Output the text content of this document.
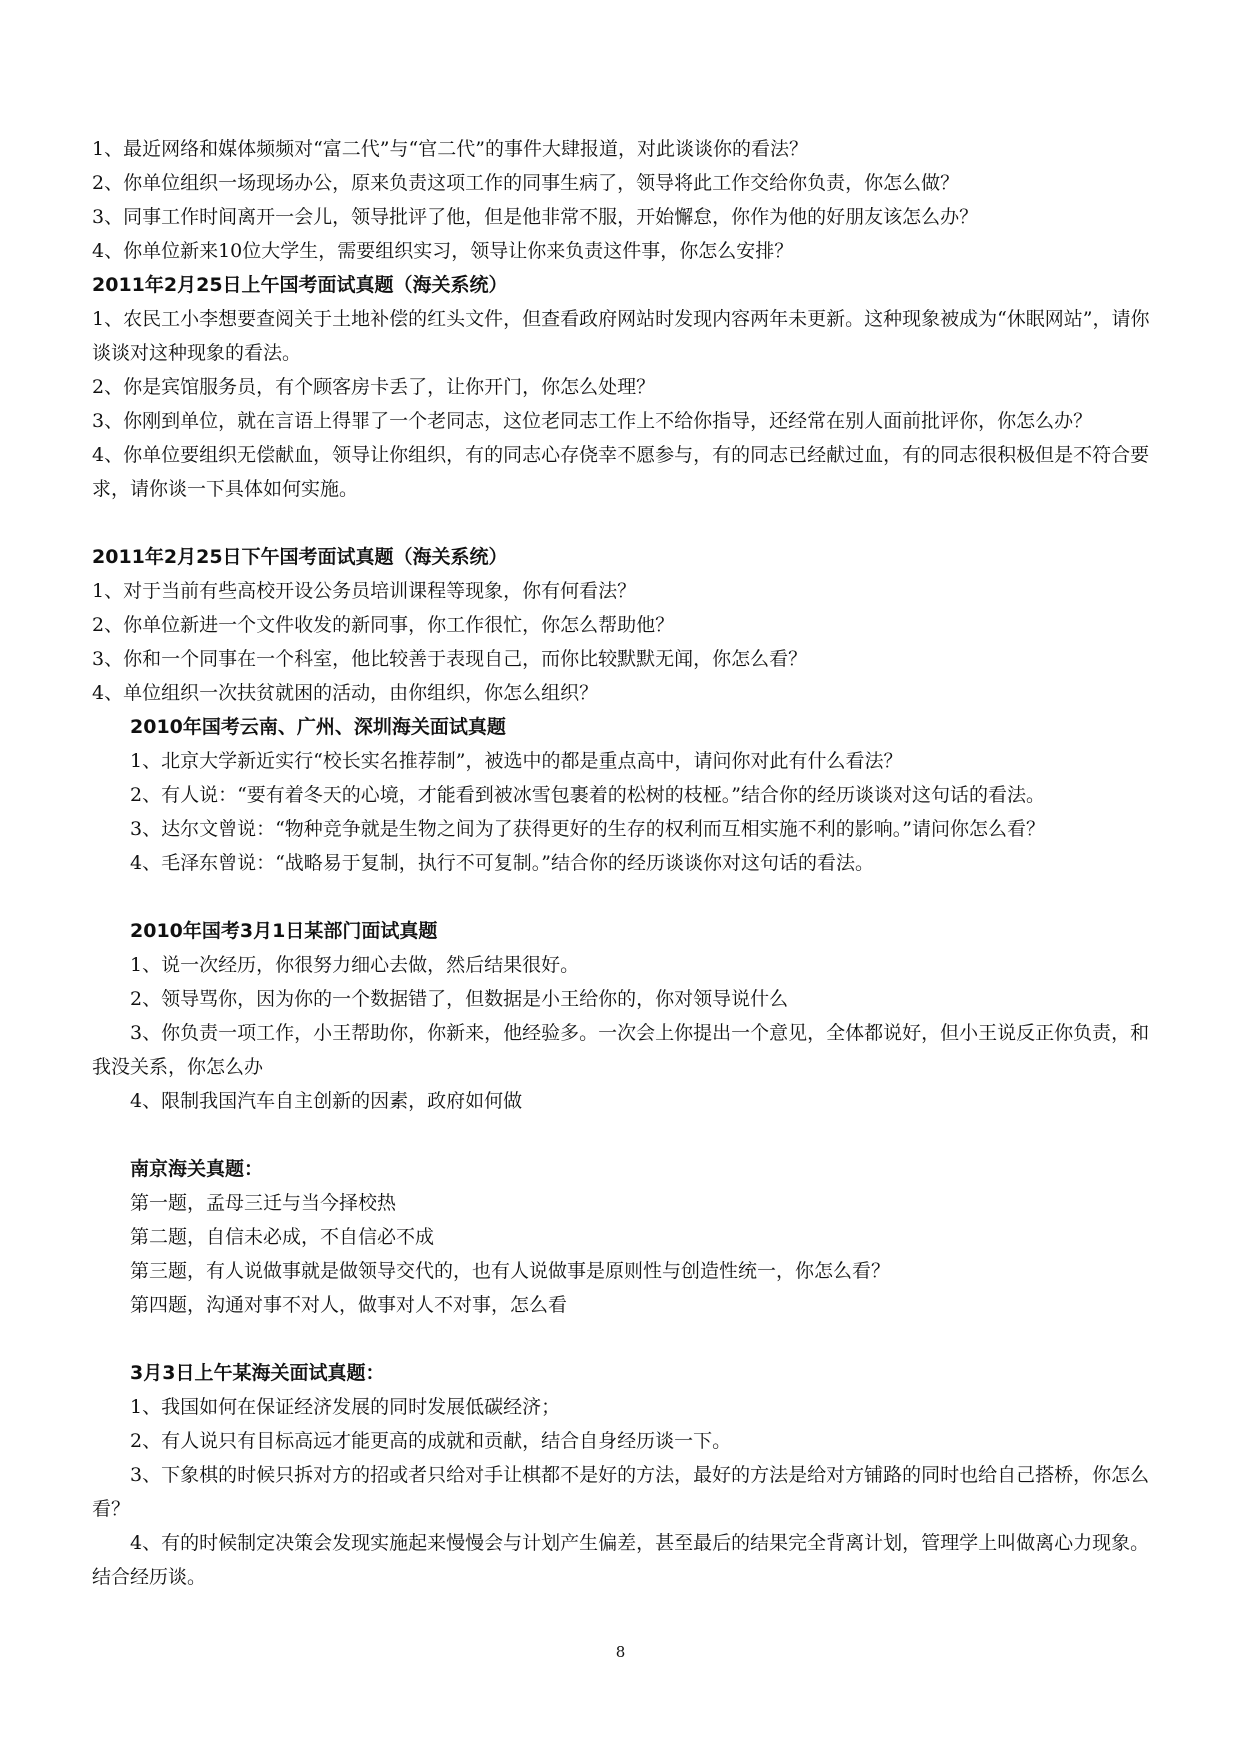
1、最近网络和媒体频频对“富二代”与“官二代”的事件大肆报道，对此谈谈你的看法？

2、你单位组织一场现场办公，原来负责这项工作的同事生病了，领导将此工作交给你负责，你怎么做？

3、同事工作时间离开一会儿，领导批评了他，但是他非常不服，开始懈怠，你作为他的好朋友该怎么办？

4、你单位新来10位大学生，需要组织实习，领导让你来负责这件事，你怎么安排？

2011年2月25日上午国考面试真题（海关系统）

1、农民工小李想要查阅关于土地补偿的红头文件，但查看政府网站时发现内容两年未更新。这种现象被成为“休眠网站”，请你谈谈对这种现象的看法。

2、你是宾馆服务员，有个顾客房卡丢了，让你开门，你怎么处理？

3、你刚到单位，就在言语上得罪了一个老同志，这位老同志工作上不给你指导，还经常在别人面前批评你，你怎么办？

4、你单位要组织无偿献血，领导让你组织，有的同志心存侥幸不愿参与，有的同志已经献过血，有的同志很积极但是不符合要求，请你谈一下具体如何实施。

2011年2月25日下午国考面试真题（海关系统）

1、对于当前有些高校开设公务员培训课程等现象，你有何看法？

2、你单位新进一个文件收发的新同事，你工作很忙，你怎么帮助他？

3、你和一个同事在一个科室，他比较善于表现自己，而你比较默默无闻，你怎么看？

4、单位组织一次扶贫就困的活动，由你组织，你怎么组织？

2010年国考云南、广州、深圳海关面试真题

1、北京大学新近实行“校长实名推荐制”，被选中的都是重点高中，请问你对此有什么看法？

2、有人说：“要有着冬天的心境，才能看到被冰雪包裹着的松树的枝桠。”结合你的经历谈谈对这句话的看法。

3、达尔文曾说：“物种竞争就是生物之间为了获得更好的生存的权利而互相实施不利的影响。”请问你怎么看？

4、毛泽东曾说：“战略易于复制，执行不可复制。”结合你的经历谈谈你对这句话的看法。

2010年国考3月1日某部门面试真题

1、说一次经历，你很努力细心去做，然后结果很好。

2、领导骂你，因为你的一个数据错了，但数据是小王给你的，你对领导说什么

3、你负责一项工作，小王帮助你，你新来，他经验多。一次会上你提出一个意见，全体都说好，但小王说反正你负责，和我没关系，你怎么办

4、限制我国汽车自主创新的因素，政府如何做

南京海关真题：

第一题，孟母三迁与当今择校热

第二题，自信未必成，不自信必不成

第三题，有人说做事就是做领导交代的，也有人说做事是原则性与创造性统一，你怎么看？

第四题，沟通对事不对人，做事对人不对事，怎么看

3月3日上午某海关面试真题：

1、我国如何在保证经济发展的同时发展低碳经济；

2、有人说只有目标高远才能更高的成就和贡献，结合自身经历谈一下。

3、下象棋的时候只拆对方的招或者只给对手让棋都不是好的方法，最好的方法是给对方铺路的同时也给自己搭桥，你怎么看？

4、有的时候制定决策会发现实施起来慢慢会与计划产生偏差，甚至最后的结果完全背离计划，管理学上叫做离心力现象。结合经历谈。

8
